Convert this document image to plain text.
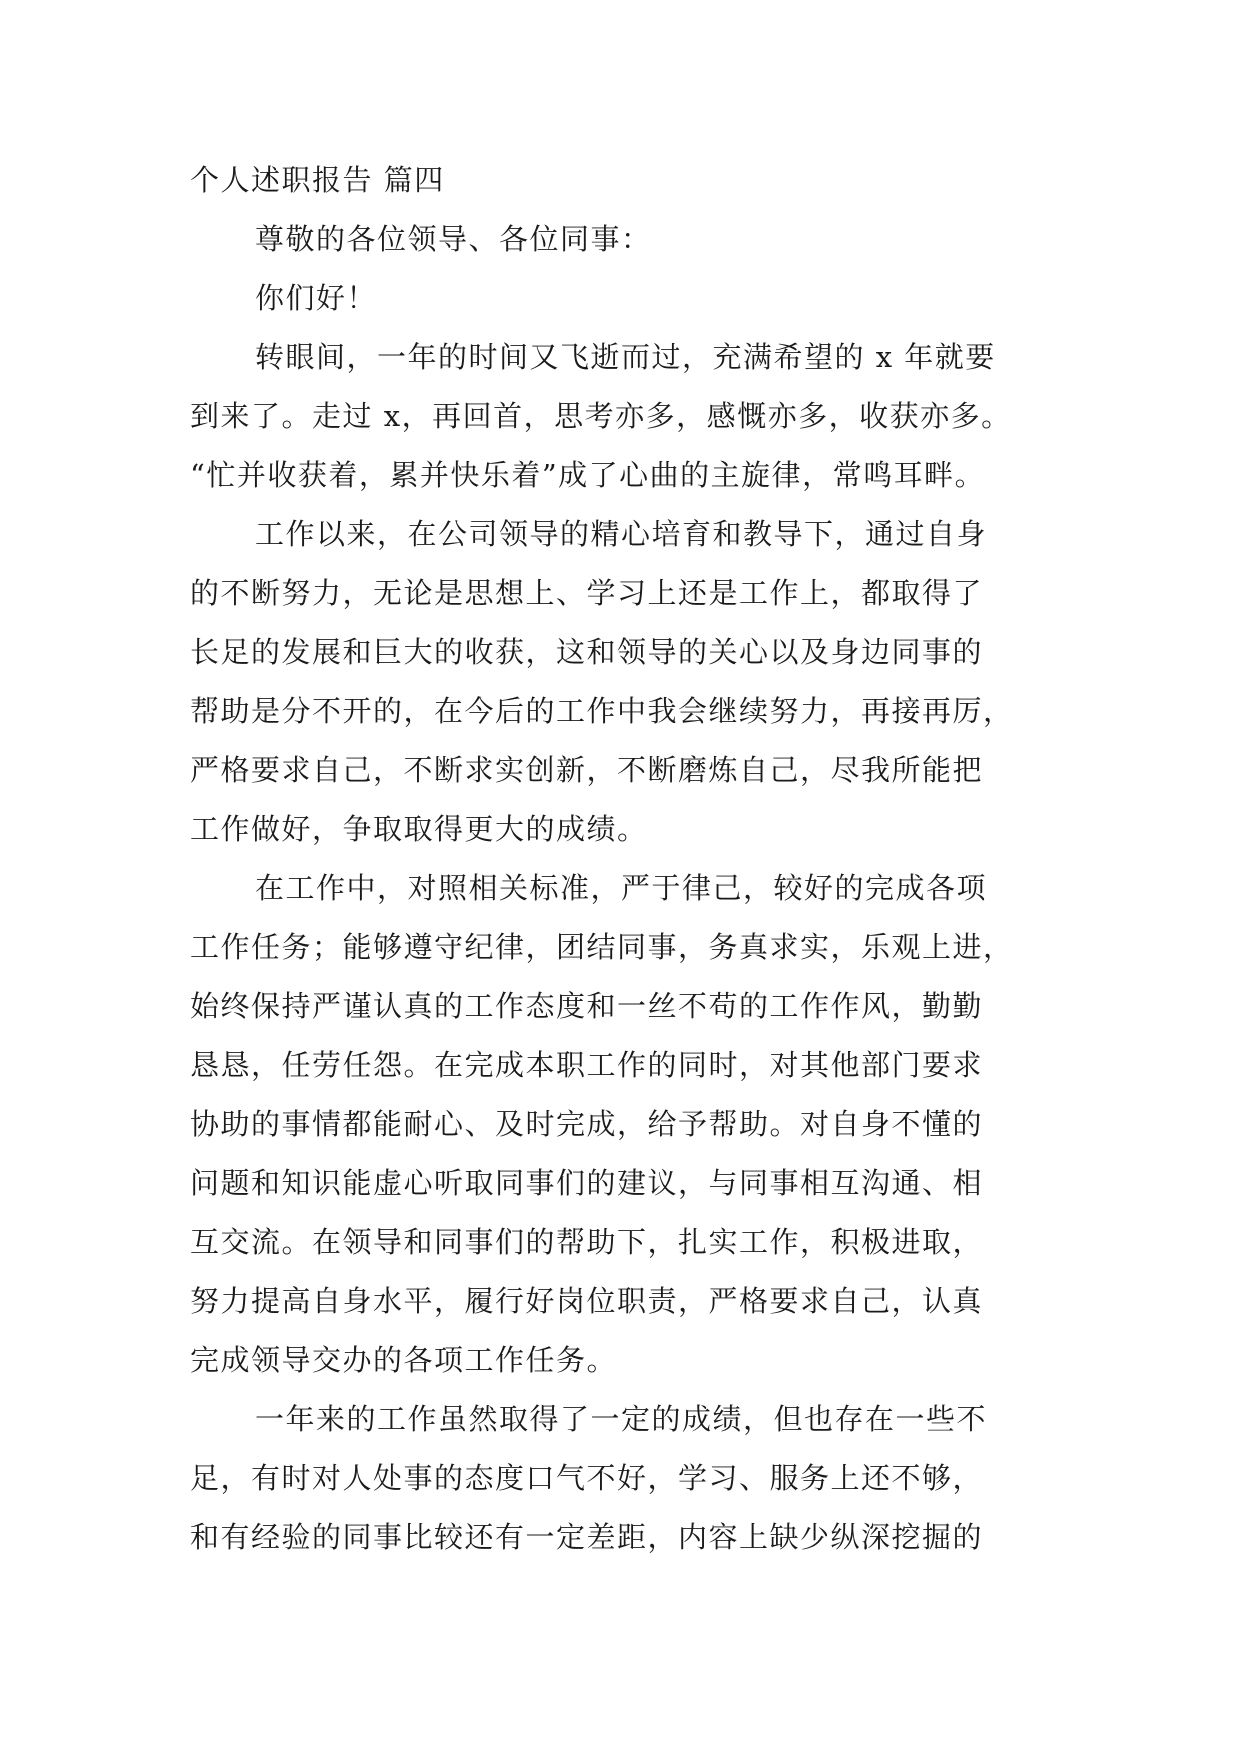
个人述职报告 篇四
尊敬的各位领导、各位同事：
你们好！
转眼间，一年的时间又飞逝而过，充满希望的 x 年就要
到来了。走过 x，再回首，思考亦多，感慨亦多，收获亦多。
“忙并收获着，累并快乐着”成了心曲的主旋律，常鸣耳畔。
工作以来，在公司领导的精心培育和教导下，通过自身
的不断努力，无论是思想上、学习上还是工作上，都取得了
长足的发展和巨大的收获，这和领导的关心以及身边同事的
帮助是分不开的，在今后的工作中我会继续努力，再接再厉，
严格要求自己，不断求实创新，不断磨炼自己，尽我所能把
工作做好，争取取得更大的成绩。
在工作中，对照相关标准，严于律己，较好的完成各项
工作任务；能够遵守纪律，团结同事，务真求实，乐观上进，
始终保持严谨认真的工作态度和一丝不苟的工作作风，勤勤
恳恳，任劳任怨。在完成本职工作的同时，对其他部门要求
协助的事情都能耐心、及时完成，给予帮助。对自身不懂的
问题和知识能虚心听取同事们的建议，与同事相互沟通、相
互交流。在领导和同事们的帮助下，扎实工作，积极进取，
努力提高自身水平，履行好岗位职责，严格要求自己，认真
完成领导交办的各项工作任务。
一年来的工作虽然取得了一定的成绩，但也存在一些不
足，有时对人处事的态度口气不好，学习、服务上还不够，
和有经验的同事比较还有一定差距，内容上缺少纵深挖掘的
